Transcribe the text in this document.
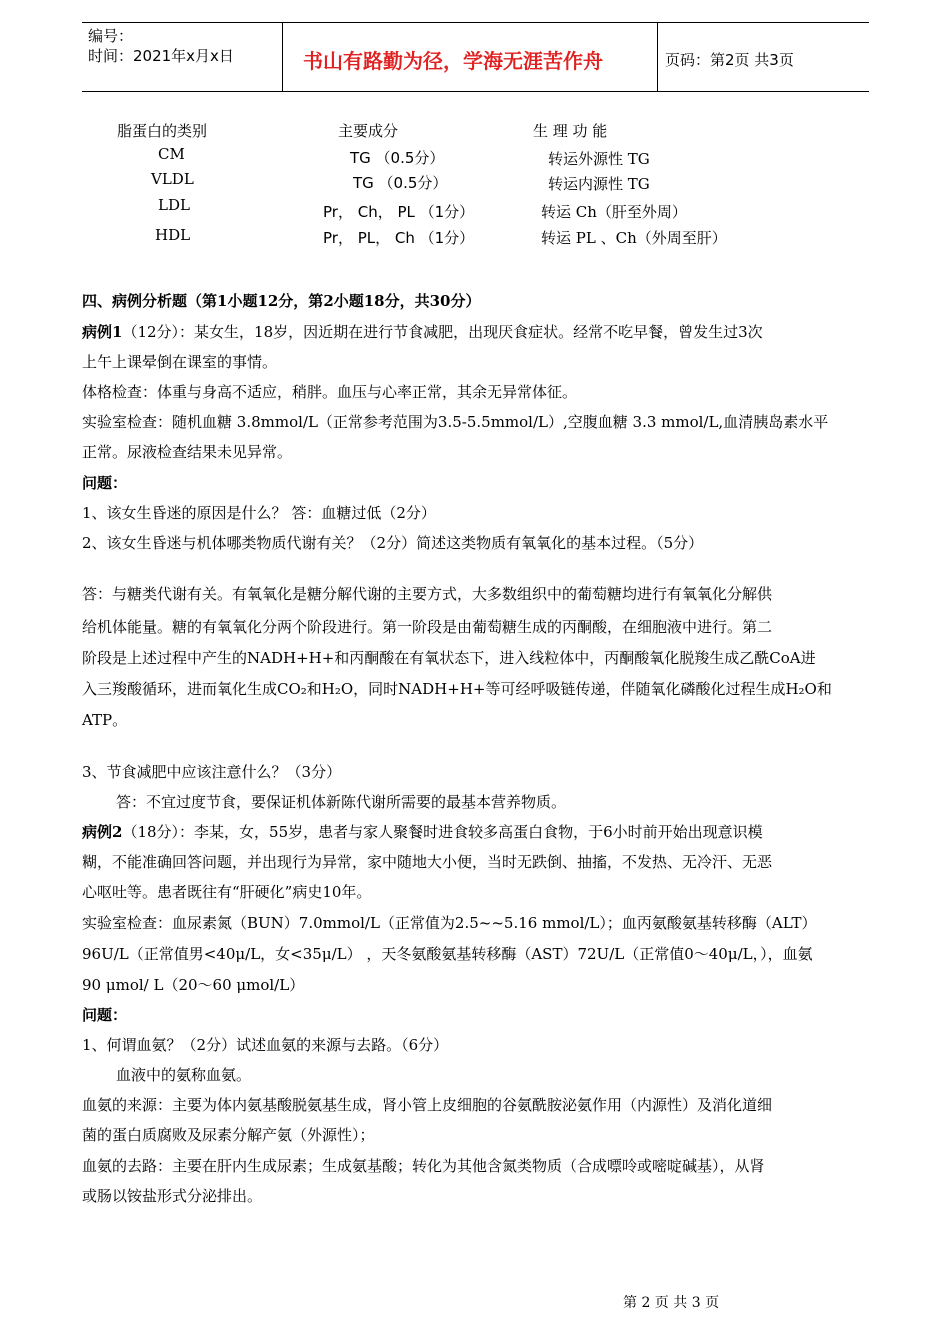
编号：
时间：2021年x月x日	书山有路勤为径，学海无涯苦作舟	页码：第2页 共3页
脂蛋白的类别	主要成分	生 理 功 能
CM	TG （0.5分）	转运外源性 TG
VLDL	TG （0.5分）	转运内源性 TG
LDL	Pr， Ch， PL （1分）	转运 Ch（肝至外周）
HDL	Pr， PL， Ch （1分）	转运 PL 、Ch（外周至肝）
四、病例分析题（第1小题12分，第2小题18分，共30分）
病例1（12分）：某女生，18岁，因近期在进行节食减肥，出现厌食症状。经常不吃早餐，曾发生过3次
上午上课晕倒在课室的事情。
体格检查：体重与身高不适应，稍胖。血压与心率正常，其余无异常体征。
实验室检查：随机血糖 3.8mmol/L（正常参考范围为3.5-5.5mmol/L）,空腹血糖 3.3 mmol/L,血清胰岛素水平
正常。尿液检查结果未见异常。
问题：
1、该女生昏迷的原因是什么？ 答：血糖过低（2分）
2、该女生昏迷与机体哪类物质代谢有关？（2分）简述这类物质有氧氧化的基本过程。（5分）
答：与糖类代谢有关。有氧氧化是糖分解代谢的主要方式，大多数组织中的葡萄糖均进行有氧氧化分解供
给机体能量。糖的有氧氧化分两个阶段进行。第一阶段是由葡萄糖生成的丙酮酸，在细胞液中进行。第二
阶段是上述过程中产生的NADH+H+和丙酮酸在有氧状态下，进入线粒体中，丙酮酸氧化脱羧生成乙酰CoA进
入三羧酸循环，进而氧化生成CO₂和H₂O，同时NADH+H+等可经呼吸链传递，伴随氧化磷酸化过程生成H₂O和
ATP。
3、节食减肥中应该注意什么？（3分）
答：不宜过度节食，要保证机体新陈代谢所需要的最基本营养物质。
病例2（18分）：李某，女，55岁，患者与家人聚餐时进食较多高蛋白食物，于6小时前开始出现意识模
糊，不能准确回答问题，并出现行为异常，家中随地大小便，当时无跌倒、抽搐，不发热、无冷汗、无恶
心呕吐等。患者既往有“肝硬化”病史10年。
实验室检查：血尿素氮（BUN）7.0mmol/L（正常值为2.5~~5.16 mmol/L）；血丙氨酸氨基转移酶（ALT）
96U/L（正常值男<40μ/L，女<35μ/L） ，天冬氨酸氨基转移酶（AST）72U/L（正常值0～40μ/L，），血氨
90 μmol/ L（20～60 μmol/L）
问题：
1、何谓血氨？（2分）试述血氨的来源与去路。（6分）
血液中的氨称血氨。
血氨的来源：主要为体内氨基酸脱氨基生成，肾小管上皮细胞的谷氨酰胺泌氨作用（内源性）及消化道细
菌的蛋白质腐败及尿素分解产氨（外源性）；
血氨的去路：主要在肝内生成尿素；生成氨基酸；转化为其他含氮类物质（合成嘌呤或嘧啶碱基），从肾
或肠以铵盐形式分泌排出。
第 2 页 共 3 页
